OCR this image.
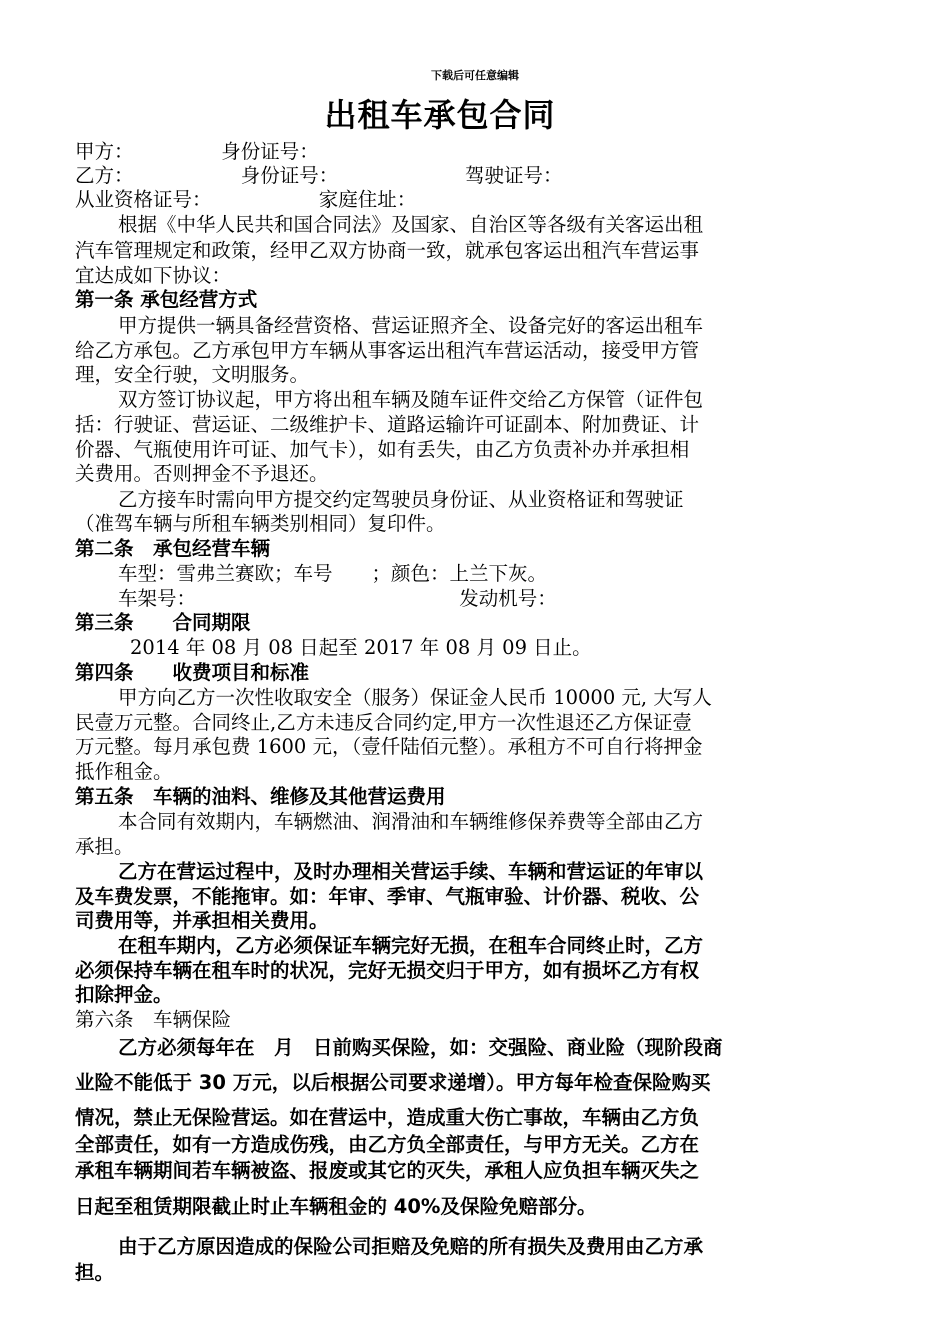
下载后可任意编辑
出租车承包合同
甲方：　　　　　身份证号：
乙方：　　　　　　身份证号：　　　　　　　驾驶证号：
从业资格证号：　　　　　　家庭住址：
根据《中华人民共和国合同法》及国家、自治区等各级有关客运出租
汽车管理规定和政策，经甲乙双方协商一致，就承包客运出租汽车营运事
宜达成如下协议：
第一条 承包经营方式
甲方提供一辆具备经营资格、营运证照齐全、设备完好的客运出租车
给乙方承包。乙方承包甲方车辆从事客运出租汽车营运活动，接受甲方管
理，安全行驶，文明服务。
双方签订协议起，甲方将出租车辆及随车证件交给乙方保管（证件包
括：行驶证、营运证、二级维护卡、道路运输许可证副本、附加费证、计
价器、气瓶使用许可证、加气卡），如有丢失，由乙方负责补办并承担相
关费用。否则押金不予退还。
乙方接车时需向甲方提交约定驾驶员身份证、从业资格证和驾驶证
（准驾车辆与所租车辆类别相同）复印件。
第二条　承包经营车辆
车型：雪弗兰赛欧；车号　　；颜色：上兰下灰。
车架号：　　　　　　　　　　　　　　发动机号：
第三条　　合同期限
2014 年 08 月 08 日起至 2017 年 08 月 09 日止。
第四条　　收费项目和标准
甲方向乙方一次性收取安全（服务）保证金人民币 10000 元, 大写人
民壹万元整。合同终止,乙方未违反合同约定,甲方一次性退还乙方保证壹
万元整。每月承包费 1600 元，（壹仟陆佰元整）。承租方不可自行将押金
抵作租金。
第五条　车辆的油料、维修及其他营运费用
本合同有效期内，车辆燃油、润滑油和车辆维修保养费等全部由乙方
承担。
乙方在营运过程中，及时办理相关营运手续、车辆和营运证的年审以
及车费发票，不能拖审。如：年审、季审、气瓶审验、计价器、税收、公
司费用等，并承担相关费用。
在租车期内，乙方必须保证车辆完好无损，在租车合同终止时，乙方
必须保持车辆在租车时的状况，完好无损交归于甲方，如有损坏乙方有权
扣除押金。
第六条　车辆保险
乙方必须每年在　月　日前购买保险，如：交强险、商业险（现阶段商
业险不能低于 30 万元，以后根据公司要求递增）。甲方每年检查保险购买
情况，禁止无保险营运。如在营运中，造成重大伤亡事故，车辆由乙方负
全部责任，如有一方造成伤残，由乙方负全部责任，与甲方无关。乙方在
承租车辆期间若车辆被盗、报废或其它的灭失，承租人应负担车辆灭失之
日起至租赁期限截止时止车辆租金的 40%及保险免赔部分。
由于乙方原因造成的保险公司拒赔及免赔的所有损失及费用由乙方承
担。
